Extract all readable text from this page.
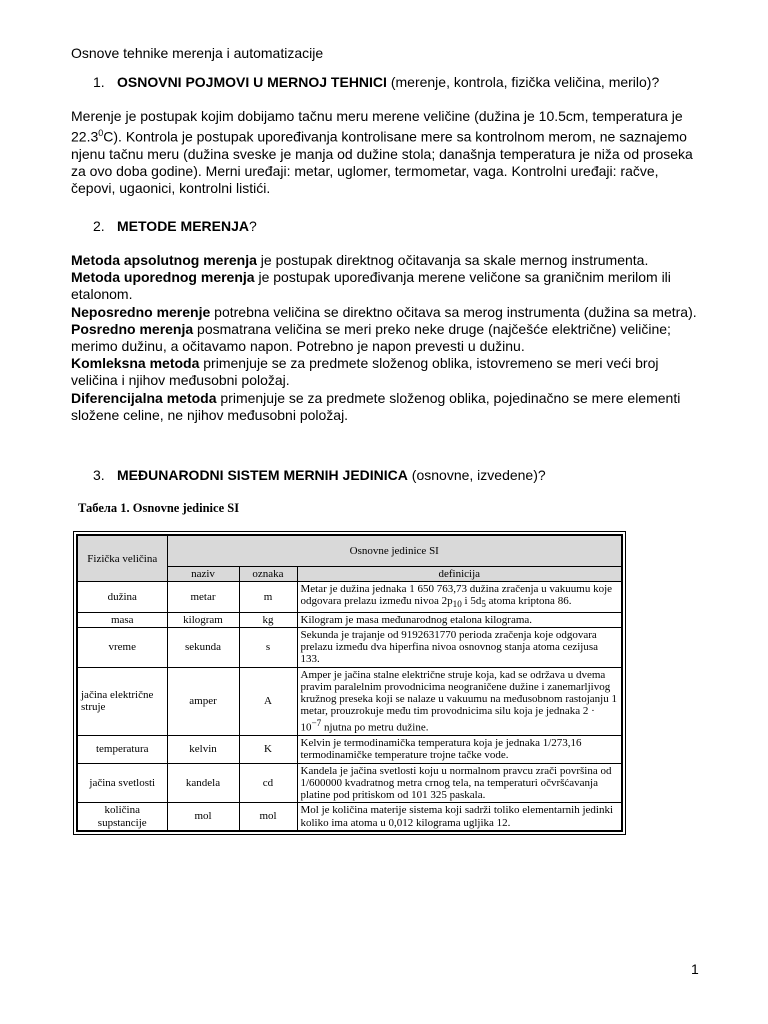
Osnove tehnike merenja i automatizacije
1. OSNOVNI POJMOVI U MERNOJ TEHNICI (merenje, kontrola, fizička veličina, merilo)?
Merenje je postupak kojim dobijamo tačnu meru merene veličine (dužina je 10.5cm, temperatura je 22.3$^0$C). Kontrola je postupak upoređivanja kontrolisane mere sa kontrolnom merom, ne saznajemo njenu tačnu meru (dužina sveske je manja od dužine stola; današnja temperatura je niža od proseka za ovo doba godine). Merni uređaji: metar, uglomer, termometar, vaga. Kontrolni uređaji: račve, čepovi, ugaonici, kontrolni listići.
2. METODE MERENJA?
Metoda apsolutnog merenja je postupak direktnog očitavanja sa skale mernog instrumenta.
Metoda uporednog merenja je postupak upoređivanja merene veličone sa graničnim merilom ili etalonom.
Neposredno merenje potrebna veličina se direktno očitava sa merog instrumenta (dužina sa metra).
Posredno merenja posmatrana veličina se meri preko neke druge (najčešće električne) veličine; merimo dužinu, a očitavamo napon. Potrebno je napon prevesti u dužinu.
Komleksna metoda primenjuje se za predmete složenog oblika, istovremeno se meri veći broj veličina i njihov međusobni položaj.
Diferencijalna metoda primenjuje se za predmete složenog oblika, pojedinačno se mere elementi složene celine, ne njihov međusobni položaj.
3. MEĐUNARODNI SISTEM MERNIH JEDINICA (osnovne, izvedene)?
Табела 1. Osnovne jedinice SI
Fizička veličina	Osnovne jedinice SI		
	naziv	oznaka	definicija
dužina	metar	m	Metar je dužina jednaka 1 650 763,73 dužina zračenja u vakuumu koje odgovara prelazu između nivoa $2p_{10}$ i $5d_5$ atoma kriptona 86.
masa	kilogram	kg	Kilogram je masa međunarodnog etalona kilograma.
vreme	sekunda	s	Sekunda je trajanje od 9192631770 perioda zračenja koje odgovara prelazu između dva hiperfina nivoa osnovnog stanja atoma cezijusa 133.
jačina električne struje	amper	A	Amper je jačina stalne električne struje koja, kad se održava u dvema pravim paralelnim provodnicima neograničene dužine i zanemarljivog kružnog preseka koji se nalaze u vakuumu na međusobnom rastojanju 1 metar, prouzrokuje među tim provodnicima silu koja je jednaka $2 \cdot 10^{-7}$ njutna po metru dužine.
temperatura	kelvin	K	Kelvin je termodinamička temperatura koja je jednaka 1/273,16 termodinamičke temperature trojne tačke vode.
jačina svetlosti	kandela	cd	Kandela je jačina svetlosti koju u normalnom pravcu zrači površina od 1/600000 kvadratnog metra crnog tela, na temperaturi očvršćavanja platine pod pritiskom od 101 325 paskala.
količina supstancije	mol	mol	Mol je količina materije sistema koji sadrži toliko elementarnih jedinki koliko ima atoma u 0,012 kilograma ugljika 12.
1
